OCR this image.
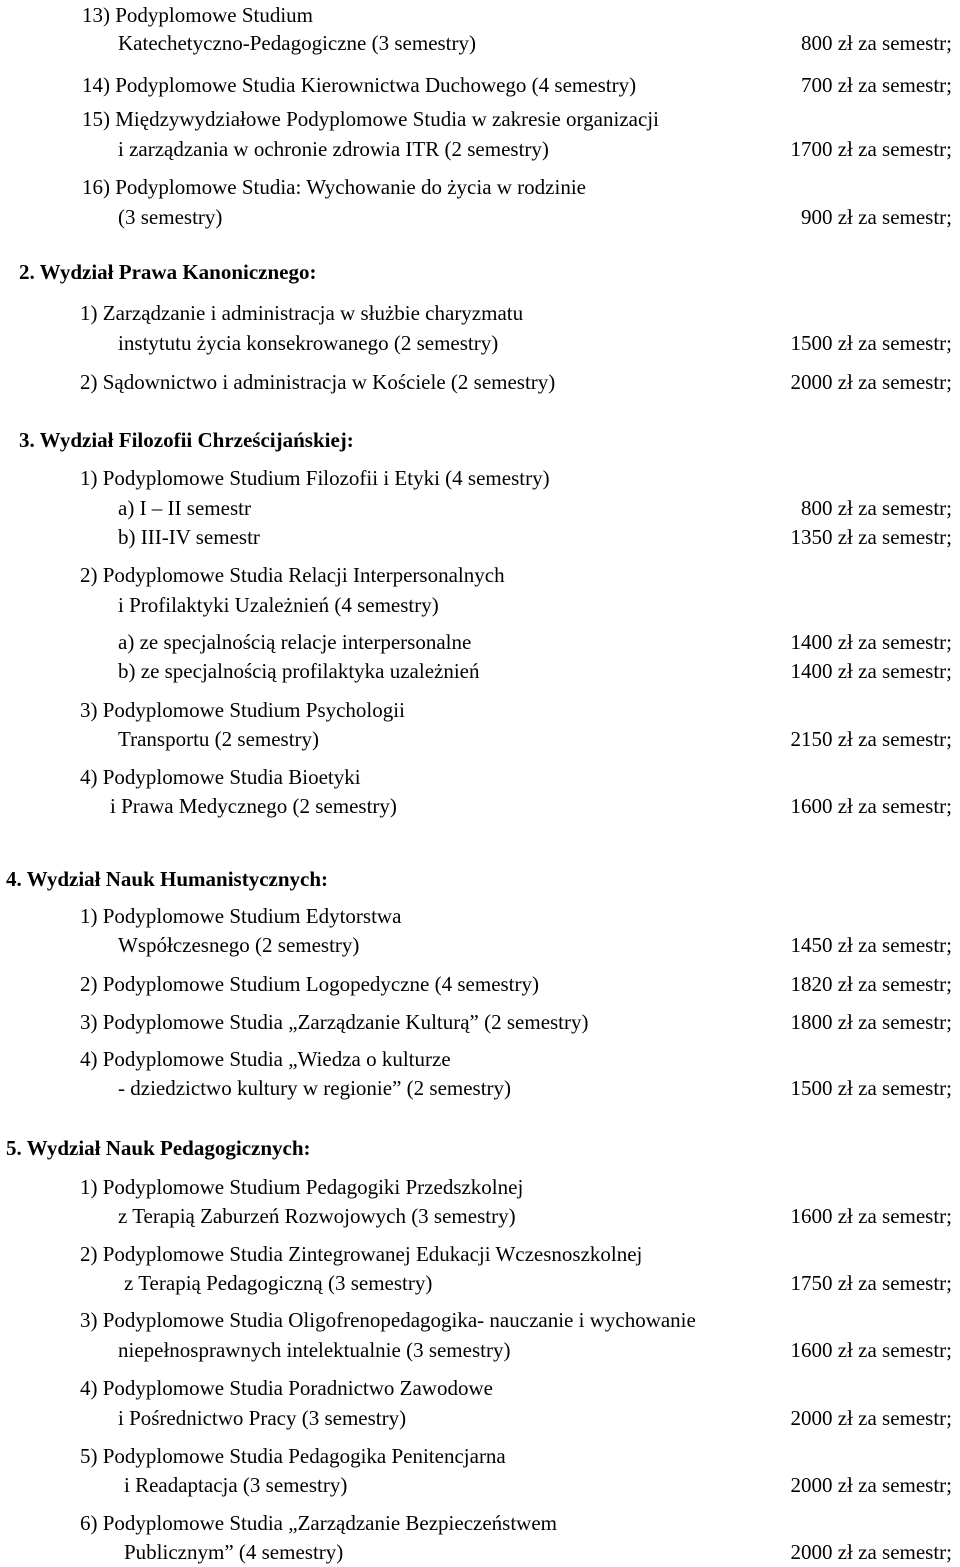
13) Podyplomowe Studium
Katechetyczno-Pedagogiczne (3 semestry)	800 zł za semestr;
14) Podyplomowe Studia Kierownictwa Duchowego (4 semestry)	700 zł za semestr;
15) Międzywydziałowe Podyplomowe Studia w zakresie organizacji
i zarządzania w ochronie zdrowia ITR (2 semestry)	1700 zł za semestr;
16) Podyplomowe Studia: Wychowanie do życia w rodzinie
(3 semestry)	900 zł za semestr;
2. Wydział Prawa Kanonicznego:
1) Zarządzanie i administracja w służbie charyzmatu
instytutu życia konsekrowanego (2 semestry)	1500 zł za semestr;
2) Sądownictwo i administracja w Kościele (2 semestry)	2000 zł za semestr;
3. Wydział Filozofii Chrześcijańskiej:
1) Podyplomowe Studium Filozofii i Etyki (4 semestry)
a) I – II semestr	800 zł za semestr;
b) III-IV semestr	1350 zł za semestr;
2) Podyplomowe Studia Relacji Interpersonalnych
i Profilaktyki Uzależnień (4 semestry)
a) ze specjalnością relacje interpersonalne	1400 zł za semestr;
b) ze specjalnością profilaktyka uzależnień	1400 zł za semestr;
3) Podyplomowe Studium Psychologii
Transportu (2 semestry)	2150 zł za semestr;
4) Podyplomowe Studia Bioetyki
i Prawa Medycznego (2 semestry)	1600 zł za semestr;
4. Wydział Nauk Humanistycznych:
1) Podyplomowe Studium Edytorstwa
Współczesnego (2 semestry)	1450 zł za semestr;
2) Podyplomowe Studium Logopedyczne (4 semestry)	1820 zł za semestr;
3) Podyplomowe Studia „Zarządzanie Kulturą” (2 semestry)	1800 zł za semestr;
4) Podyplomowe Studia „Wiedza o kulturze
- dziedzictwo kultury w regionie” (2 semestry)	1500 zł za semestr;
5. Wydział Nauk Pedagogicznych:
1) Podyplomowe Studium Pedagogiki Przedszkolnej
z Terapią Zaburzeń Rozwojowych (3 semestry)	1600 zł za semestr;
2) Podyplomowe Studia Zintegrowanej Edukacji Wczesnoszkolnej
z Terapią Pedagogiczną (3 semestry)	1750 zł za semestr;
3) Podyplomowe Studia Oligofrenopedagogika- nauczanie i wychowanie
niepełnosprawnych intelektualnie (3 semestry)	1600 zł za semestr;
4) Podyplomowe Studia Poradnictwo Zawodowe
i Pośrednictwo Pracy (3 semestry)	2000 zł za semestr;
5) Podyplomowe Studia Pedagogika Penitencjarna
i Readaptacja (3 semestry)	2000 zł za semestr;
6) Podyplomowe Studia „Zarządzanie Bezpieczeństwem
Publicznym” (4 semestry)	2000 zł za semestr;
